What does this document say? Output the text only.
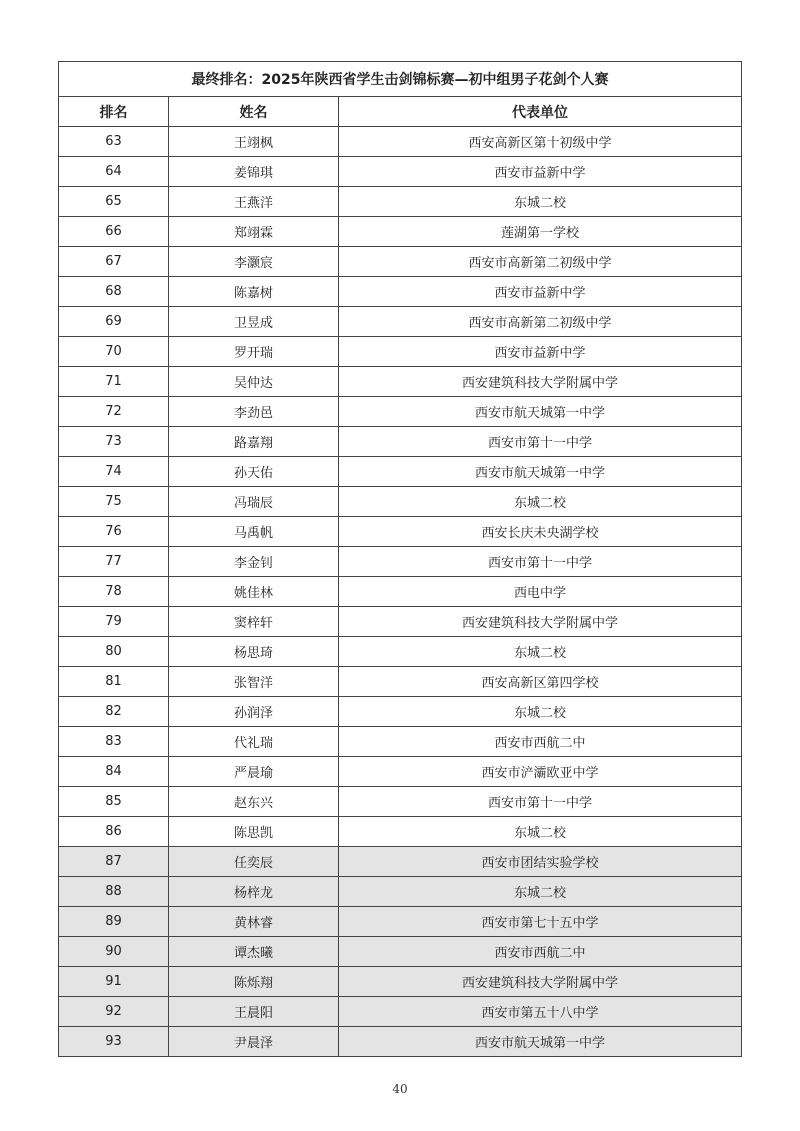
最终排名：2025年陕西省学生击剑锦标赛—初中组男子花剑个人赛		
排名	姓名	代表单位
63	王翊枫	西安高新区第十初级中学
64	姜锦琪	西安市益新中学
65	王燕洋	东城二校
66	郑翊霖	莲湖第一学校
67	李灏宸	西安市高新第二初级中学
68	陈嘉树	西安市益新中学
69	卫昱成	西安市高新第二初级中学
70	罗开瑞	西安市益新中学
71	吴仲达	西安建筑科技大学附属中学
72	李劲邑	西安市航天城第一中学
73	路嘉翔	西安市第十一中学
74	孙天佑	西安市航天城第一中学
75	冯瑞辰	东城二校
76	马禹帆	西安长庆未央湖学校
77	李金钊	西安市第十一中学
78	姚佳林	西电中学
79	窦梓轩	西安建筑科技大学附属中学
80	杨思琦	东城二校
81	张智洋	西安高新区第四学校
82	孙润泽	东城二校
83	代礼瑞	西安市西航二中
84	严晨瑜	西安市浐灞欧亚中学
85	赵东兴	西安市第十一中学
86	陈思凯	东城二校
87	任奕辰	西安市团结实验学校
88	杨梓龙	东城二校
89	黄林睿	西安市第七十五中学
90	谭杰曦	西安市西航二中
91	陈烁翔	西安建筑科技大学附属中学
92	王晨阳	西安市第五十八中学
93	尹晨泽	西安市航天城第一中学
40
